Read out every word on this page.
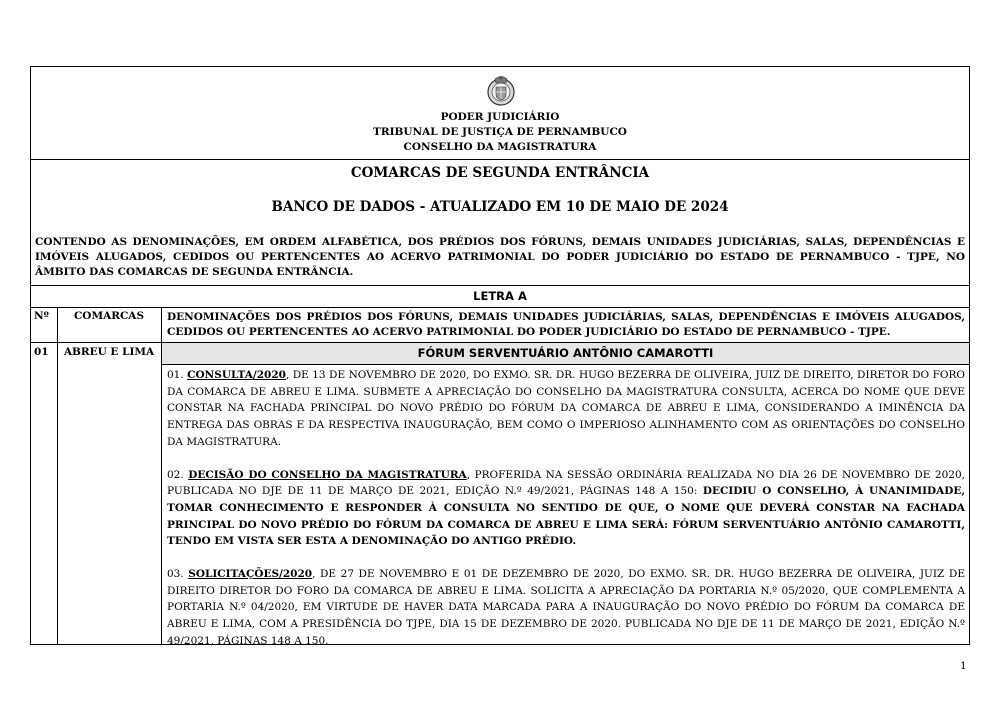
PODER JUDICIÁRIO
TRIBUNAL DE JUSTIÇA DE PERNAMBUCO
CONSELHO DA MAGISTRATURA
COMARCAS DE SEGUNDA ENTRÂNCIA
BANCO DE DADOS - ATUALIZADO EM 10 DE MAIO DE 2024
CONTENDO AS DENOMINAÇÕES, EM ORDEM ALFABÉTICA, DOS PRÉDIOS DOS FÓRUNS, DEMAIS UNIDADES JUDICIÁRIAS, SALAS, DEPENDÊNCIAS E IMÓVEIS ALUGADOS, CEDIDOS OU PERTENCENTES AO ACERVO PATRIMONIAL DO PODER JUDICIÁRIO DO ESTADO DE PERNAMBUCO - TJPE, NO ÂMBITO DAS COMARCAS DE SEGUNDA ENTRÂNCIA.
LETRA A
Nº	COMARCAS	DENOMINAÇÕES DOS PRÉDIOS DOS FÓRUNS, DEMAIS UNIDADES JUDICIÁRIAS, SALAS, DEPENDÊNCIAS E IMÓVEIS ALUGADOS, CEDIDOS OU PERTENCENTES AO ACERVO PATRIMONIAL DO PODER JUDICIÁRIO DO ESTADO DE PERNAMBUCO - TJPE.
01	ABREU E LIMA	FÓRUM SERVENTUÁRIO ANTÔNIO CAMAROTTI

01. CONSULTA/2020, DE 13 DE NOVEMBRO DE 2020, DO EXMO. SR. DR. HUGO BEZERRA DE OLIVEIRA, JUIZ DE DIREITO, DIRETOR DO FORO DA COMARCA DE ABREU E LIMA. SUBMETE A APRECIAÇÃO DO CONSELHO DA MAGISTRATURA CONSULTA, ACERCA DO NOME QUE DEVE CONSTAR NA FACHADA PRINCIPAL DO NOVO PRÉDIO DO FÓRUM DA COMARCA DE ABREU E LIMA, CONSIDERANDO A IMINÊNCIA DA ENTREGA DAS OBRAS E DA RESPECTIVA INAUGURAÇÃO, BEM COMO O IMPERIOSO ALINHAMENTO COM AS ORIENTAÇÕES DO CONSELHO DA MAGISTRATURA.

02. DECISÃO DO CONSELHO DA MAGISTRATURA, PROFERIDA NA SESSÃO ORDINÁRIA REALIZADA NO DIA 26 DE NOVEMBRO DE 2020, PUBLICADA NO DJE DE 11 DE MARÇO DE 2021, EDIÇÃO N.º 49/2021, PÁGINAS 148 A 150: DECIDIU O CONSELHO, À UNANIMIDADE, TOMAR CONHECIMENTO E RESPONDER À CONSULTA NO SENTIDO DE QUE, O NOME QUE DEVERÁ CONSTAR NA FACHADA PRINCIPAL DO NOVO PRÉDIO DO FÓRUM DA COMARCA DE ABREU E LIMA SERÁ: FÓRUM SERVENTUÁRIO ANTÔNIO CAMAROTTI, TENDO EM VISTA SER ESTA A DENOMINAÇÃO DO ANTIGO PRÉDIO.

03. SOLICITAÇÕES/2020, DE 27 DE NOVEMBRO E 01 DE DEZEMBRO DE 2020, DO EXMO. SR. DR. HUGO BEZERRA DE OLIVEIRA, JUIZ DE DIREITO DIRETOR DO FORO DA COMARCA DE ABREU E LIMA. SOLICITA A APRECIAÇÃO DA PORTARIA N.º 05/2020, QUE COMPLEMENTA A PORTARIA N.º 04/2020, EM VIRTUDE DE HAVER DATA MARCADA PARA A INAUGURAÇÃO DO NOVO PRÉDIO DO FÓRUM DA COMARCA DE ABREU E LIMA, COM A PRESIDÊNCIA DO TJPE, DIA 15 DE DEZEMBRO DE 2020. PUBLICADA NO DJE DE 11 DE MARÇO DE 2021, EDIÇÃO N.º 49/2021, PÁGINAS 148 A 150.

1
